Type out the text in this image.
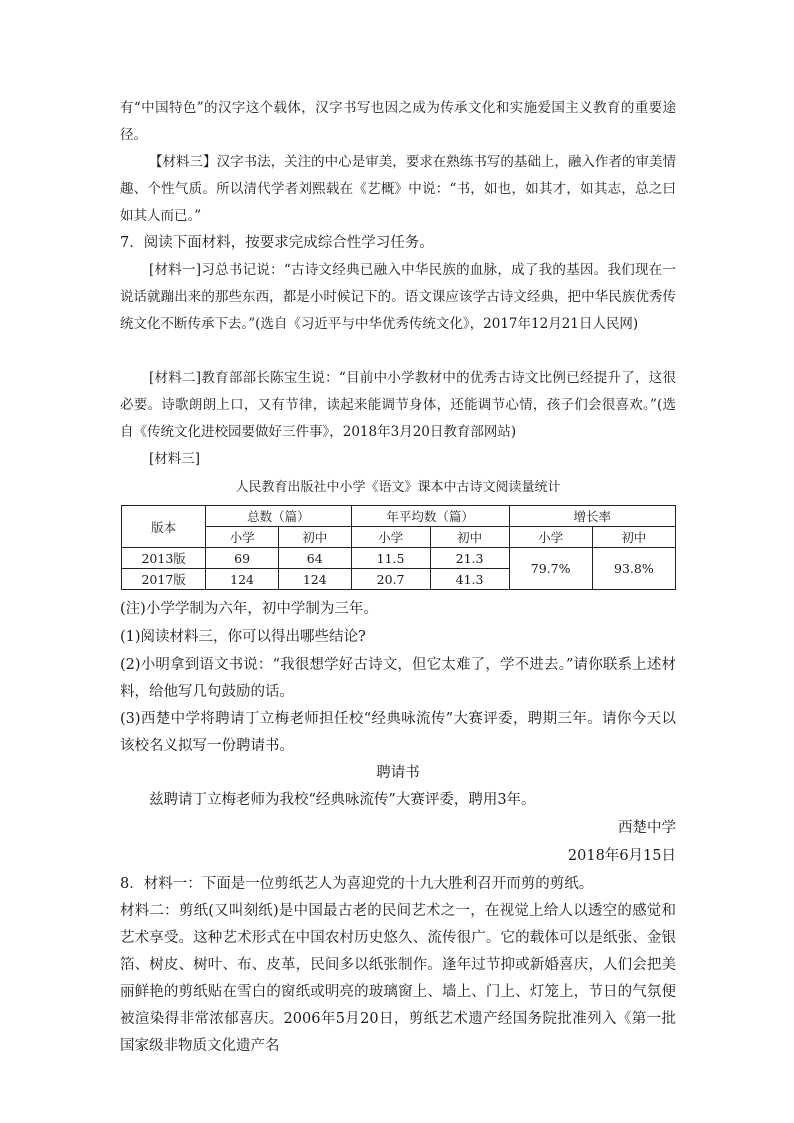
有“中国特色”的汉字这个载体，汉字书写也因之成为传承文化和实施爱国主义教育的重要途径。

【材料三】汉字书法，关注的中心是审美，要求在熟练书写的基础上，融入作者的审美情趣、个性气质。所以清代学者刘熙载在《艺概》中说：“书，如也，如其才，如其志，总之曰如其人而已。”

7．阅读下面材料，按要求完成综合性学习任务。

[材料一]习总书记说：“古诗文经典已融入中华民族的血脉，成了我的基因。我们现在一说话就蹦出来的那些东西，都是小时候记下的。语文课应该学古诗文经典，把中华民族优秀传统文化不断传承下去。”(选自《习近平与中华优秀传统文化》，2017年12月21日人民网)

[材料二]教育部部长陈宝生说：“目前中小学教材中的优秀古诗文比例已经提升了，这很必要。诗歌朗朗上口，又有节律，读起来能调节身体，还能调节心情，孩子们会很喜欢。”(选自《传统文化进校园要做好三件事》，2018年3月20日教育部网站)

[材料三]

人民教育出版社中小学《语文》课本中古诗文阅读量统计

版本	总数（篇）		年平均数（篇）		增长率	
	小学	初中	小学	初中	小学	初中
2013版	69	64	11.5	21.3	79.7%	93.8%
2017版	124	124	20.7	41.3		

(注)小学学制为六年，初中学制为三年。

(1)阅读材料三，你可以得出哪些结论?

(2)小明拿到语文书说：“我很想学好古诗文，但它太难了，学不进去。”请你联系上述材料，给他写几句鼓励的话。

(3)西楚中学将聘请丁立梅老师担任校“经典咏流传”大赛评委，聘期三年。请你今天以该校名义拟写一份聘请书。

聘请书

兹聘请丁立梅老师为我校“经典咏流传”大赛评委，聘用3年。

西楚中学

2018年6月15日

8．材料一：下面是一位剪纸艺人为喜迎党的十九大胜利召开而剪的剪纸。

材料二：剪纸(又叫刻纸)是中国最古老的民间艺术之一，在视觉上给人以透空的感觉和艺术享受。这种艺术形式在中国农村历史悠久、流传很广。它的载体可以是纸张、金银箔、树皮、树叶、布、皮革，民间多以纸张制作。逢年过节抑或新婚喜庆，人们会把美丽鲜艳的剪纸贴在雪白的窗纸或明亮的玻璃窗上、墙上、门上、灯笼上，节日的气氛便被渲染得非常浓郁喜庆。2006年5月20日，剪纸艺术遗产经国务院批准列入《第一批国家级非物质文化遗产名
